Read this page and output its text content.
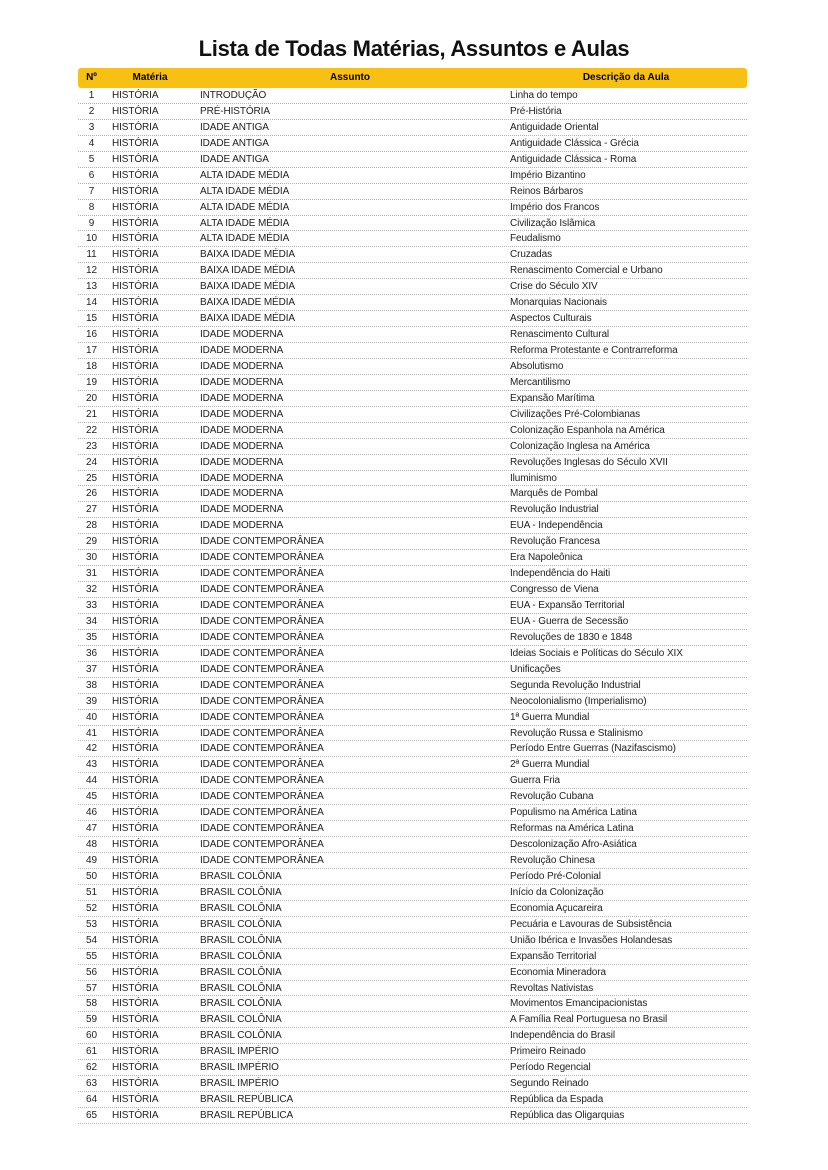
Lista de Todas Matérias, Assuntos e Aulas
Nº	Matéria	Assunto	Descrição da Aula
1	HISTÓRIA	INTRODUÇÃO	Linha do tempo
2	HISTÓRIA	PRÉ-HISTÓRIA	Pré-História
3	HISTÓRIA	IDADE ANTIGA	Antiguidade Oriental
4	HISTÓRIA	IDADE ANTIGA	Antiguidade Clássica - Grécia
5	HISTÓRIA	IDADE ANTIGA	Antiguidade Clássica - Roma
6	HISTÓRIA	ALTA IDADE MÉDIA	Império Bizantino
7	HISTÓRIA	ALTA IDADE MÉDIA	Reinos Bárbaros
8	HISTÓRIA	ALTA IDADE MÉDIA	Império dos Francos
9	HISTÓRIA	ALTA IDADE MÉDIA	Civilização Islâmica
10	HISTÓRIA	ALTA IDADE MÉDIA	Feudalismo
11	HISTÓRIA	BAIXA IDADE MÉDIA	Cruzadas
12	HISTÓRIA	BAIXA IDADE MÉDIA	Renascimento Comercial e Urbano
13	HISTÓRIA	BAIXA IDADE MÉDIA	Crise do Século XIV
14	HISTÓRIA	BAIXA IDADE MÉDIA	Monarquias Nacionais
15	HISTÓRIA	BAIXA IDADE MÉDIA	Aspectos Culturais
16	HISTÓRIA	IDADE MODERNA	Renascimento Cultural
17	HISTÓRIA	IDADE MODERNA	Reforma Protestante e Contrarreforma
18	HISTÓRIA	IDADE MODERNA	Absolutismo
19	HISTÓRIA	IDADE MODERNA	Mercantilismo
20	HISTÓRIA	IDADE MODERNA	Expansão Marítima
21	HISTÓRIA	IDADE MODERNA	Civilizações Pré-Colombianas
22	HISTÓRIA	IDADE MODERNA	Colonização Espanhola na América
23	HISTÓRIA	IDADE MODERNA	Colonização Inglesa na América
24	HISTÓRIA	IDADE MODERNA	Revoluções Inglesas do Século XVII
25	HISTÓRIA	IDADE MODERNA	Iluminismo
26	HISTÓRIA	IDADE MODERNA	Marquês de Pombal
27	HISTÓRIA	IDADE MODERNA	Revolução Industrial
28	HISTÓRIA	IDADE MODERNA	EUA - Independência
29	HISTÓRIA	IDADE CONTEMPORÂNEA	Revolução Francesa
30	HISTÓRIA	IDADE CONTEMPORÂNEA	Era Napoleônica
31	HISTÓRIA	IDADE CONTEMPORÂNEA	Independência do Haiti
32	HISTÓRIA	IDADE CONTEMPORÂNEA	Congresso de Viena
33	HISTÓRIA	IDADE CONTEMPORÂNEA	EUA - Expansão Territorial
34	HISTÓRIA	IDADE CONTEMPORÂNEA	EUA - Guerra de Secessão
35	HISTÓRIA	IDADE CONTEMPORÂNEA	Revoluções de 1830 e 1848
36	HISTÓRIA	IDADE CONTEMPORÂNEA	Ideias Sociais e Políticas do Século XIX
37	HISTÓRIA	IDADE CONTEMPORÂNEA	Unificações
38	HISTÓRIA	IDADE CONTEMPORÂNEA	Segunda Revolução Industrial
39	HISTÓRIA	IDADE CONTEMPORÂNEA	Neocolonialismo (Imperialismo)
40	HISTÓRIA	IDADE CONTEMPORÂNEA	1ª Guerra Mundial
41	HISTÓRIA	IDADE CONTEMPORÂNEA	Revolução Russa e Stalinismo
42	HISTÓRIA	IDADE CONTEMPORÂNEA	Período Entre Guerras (Nazifascismo)
43	HISTÓRIA	IDADE CONTEMPORÂNEA	2ª Guerra Mundial
44	HISTÓRIA	IDADE CONTEMPORÂNEA	Guerra Fria
45	HISTÓRIA	IDADE CONTEMPORÂNEA	Revolução Cubana
46	HISTÓRIA	IDADE CONTEMPORÂNEA	Populismo na América Latina
47	HISTÓRIA	IDADE CONTEMPORÂNEA	Reformas na América Latina
48	HISTÓRIA	IDADE CONTEMPORÂNEA	Descolonização Afro-Asiática
49	HISTÓRIA	IDADE CONTEMPORÂNEA	Revolução Chinesa
50	HISTÓRIA	BRASIL COLÔNIA	Período Pré-Colonial
51	HISTÓRIA	BRASIL COLÔNIA	Início da Colonização
52	HISTÓRIA	BRASIL COLÔNIA	Economia Açucareira
53	HISTÓRIA	BRASIL COLÔNIA	Pecuária e Lavouras de Subsistência
54	HISTÓRIA	BRASIL COLÔNIA	União Ibérica e Invasões Holandesas
55	HISTÓRIA	BRASIL COLÔNIA	Expansão Territorial
56	HISTÓRIA	BRASIL COLÔNIA	Economia Mineradora
57	HISTÓRIA	BRASIL COLÔNIA	Revoltas Nativistas
58	HISTÓRIA	BRASIL COLÔNIA	Movimentos Emancipacionistas
59	HISTÓRIA	BRASIL COLÔNIA	A Família Real Portuguesa no Brasil
60	HISTÓRIA	BRASIL COLÔNIA	Independência do Brasil
61	HISTÓRIA	BRASIL IMPÉRIO	Primeiro Reinado
62	HISTÓRIA	BRASIL IMPÉRIO	Período Regencial
63	HISTÓRIA	BRASIL IMPÉRIO	Segundo Reinado
64	HISTÓRIA	BRASIL REPÚBLICA	República da Espada
65	HISTÓRIA	BRASIL REPÚBLICA	República das Oligarquias
